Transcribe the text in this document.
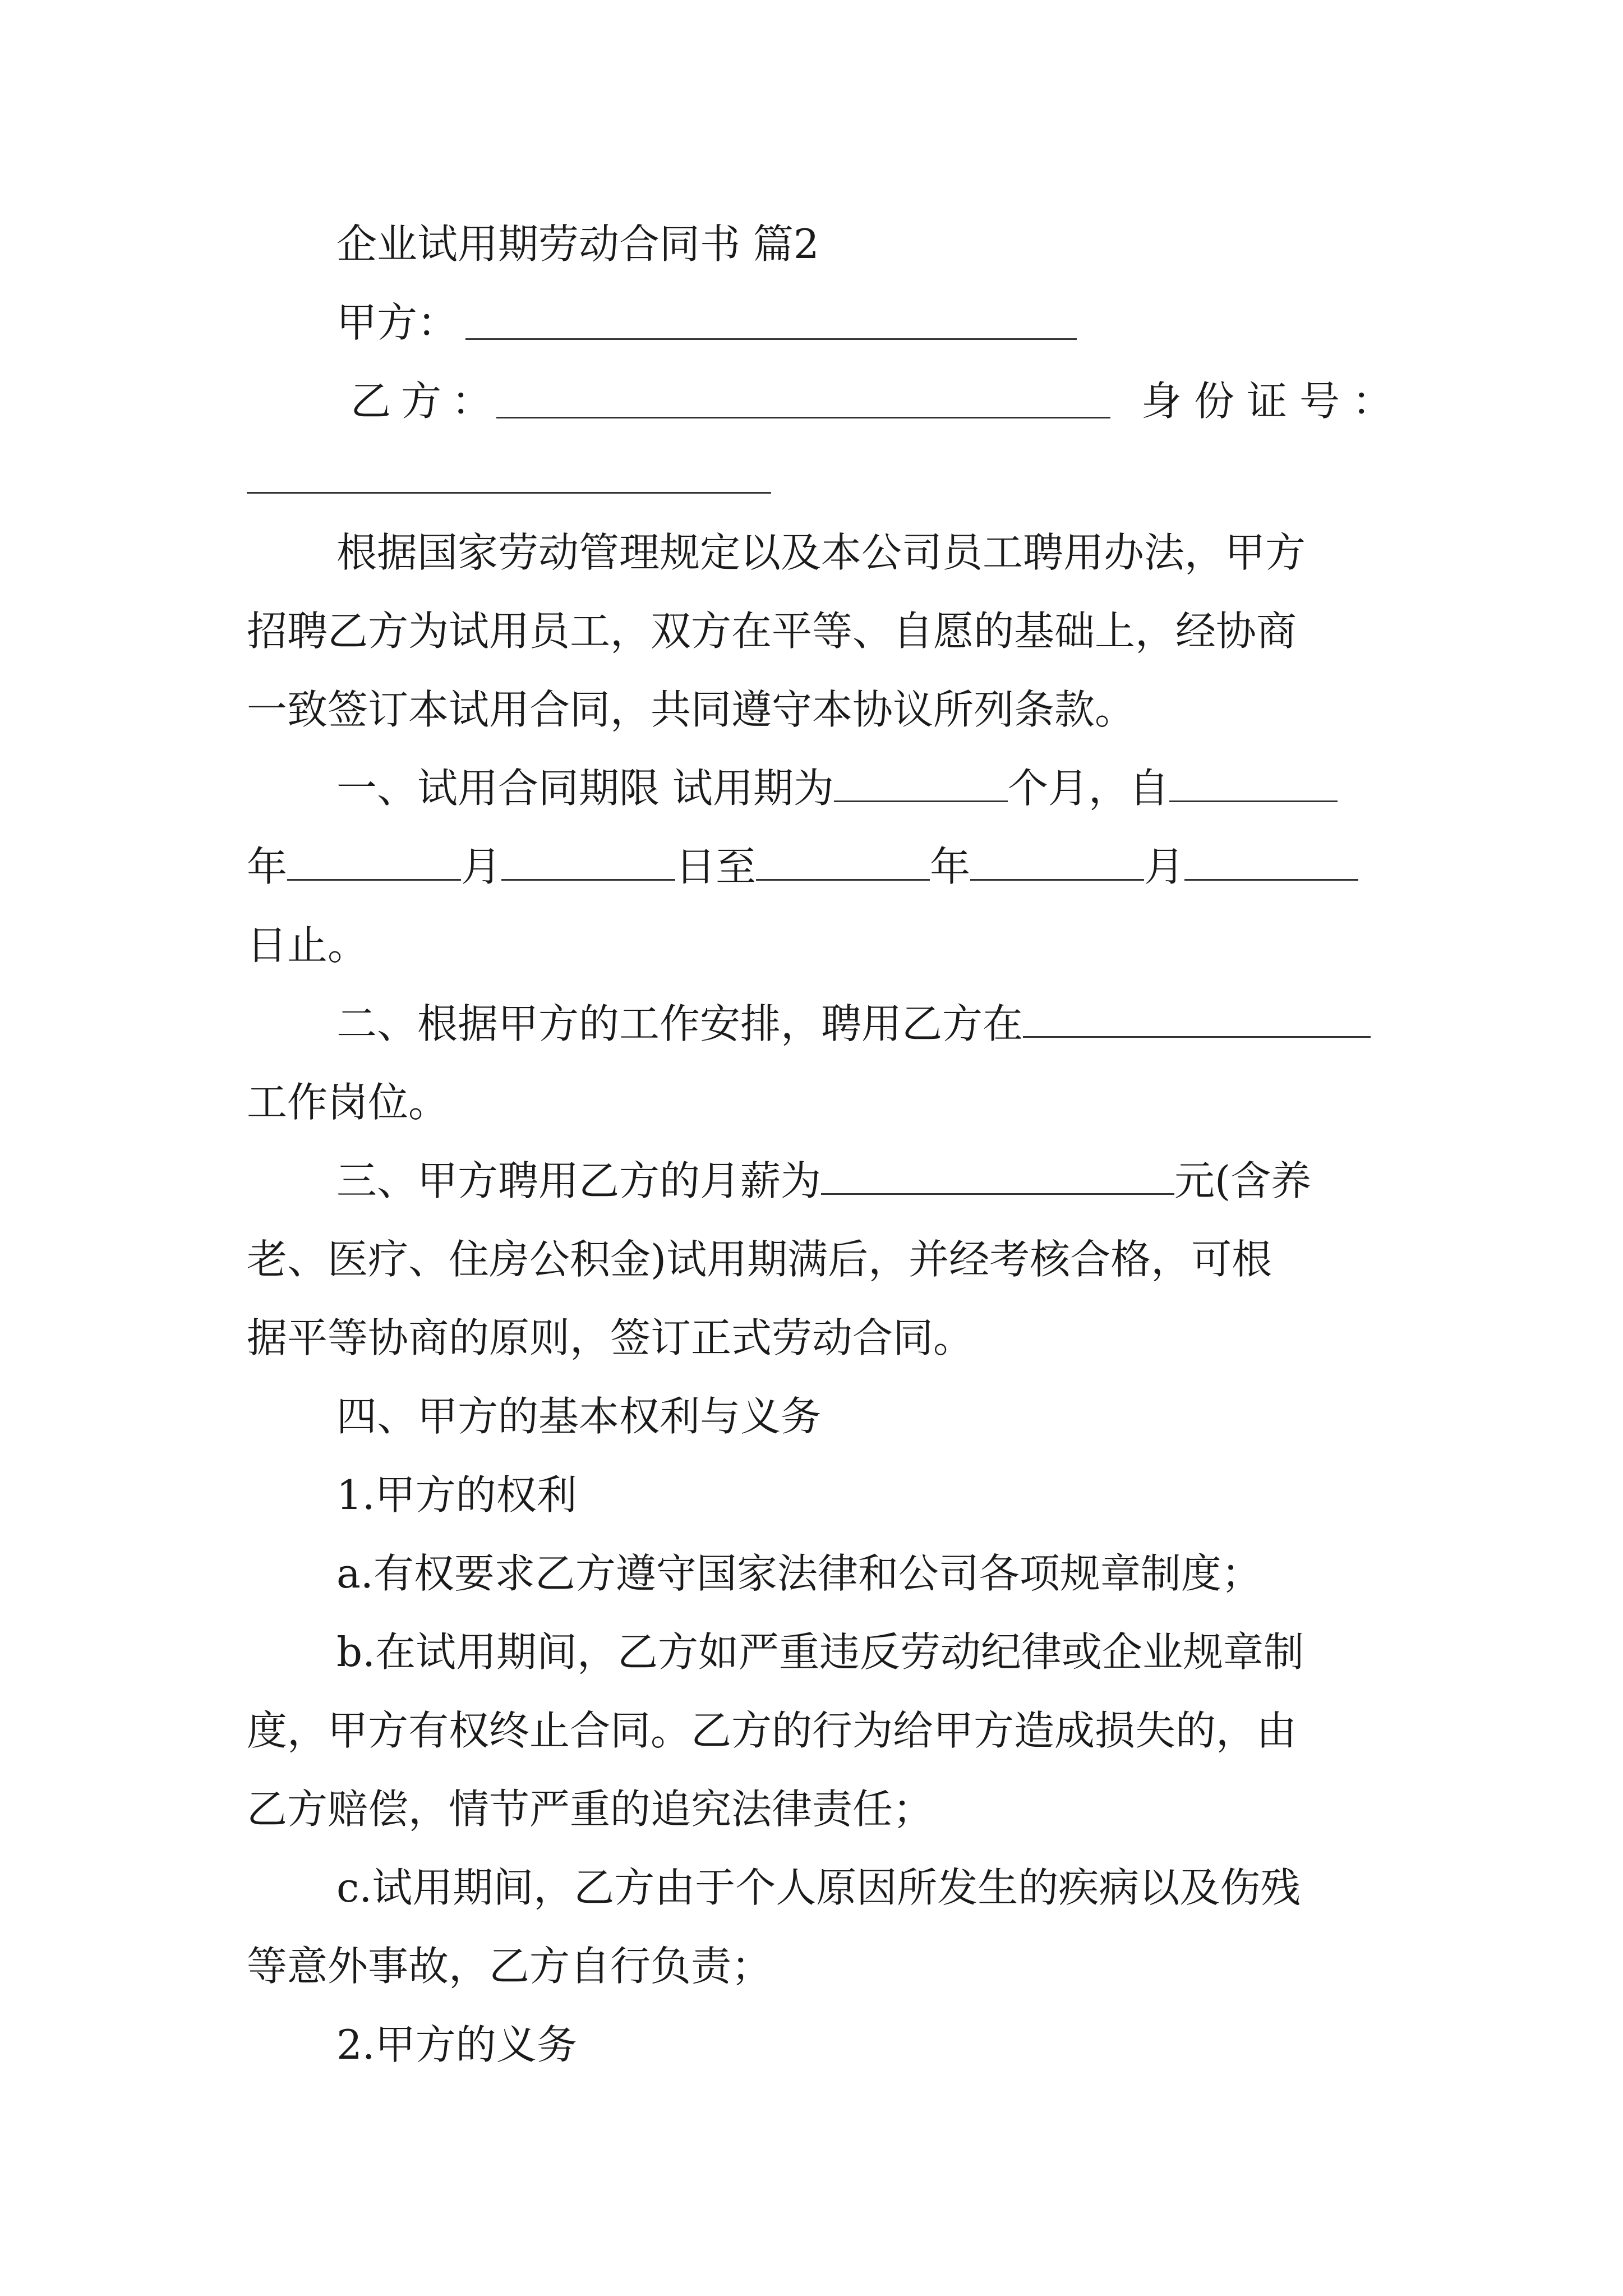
企业试用期劳动合同书 篇2
甲方：
乙方：	身份证号：
根据国家劳动管理规定以及本公司员工聘用办法，甲方
招聘乙方为试用员工，双方在平等、自愿的基础上，经协商
一致签订本试用合同，共同遵守本协议所列条款。
一、试用合同期限 试用期为	个月，自
年	月	日至	年	月
日止。
二、根据甲方的工作安排，聘用乙方在
工作岗位。
三、甲方聘用乙方的月薪为	元(含养
老、医疗、住房公积金)试用期满后，并经考核合格，可根
据平等协商的原则，签订正式劳动合同。
四、甲方的基本权利与义务
1.甲方的权利
a.有权要求乙方遵守国家法律和公司各项规章制度；
b.在试用期间，乙方如严重违反劳动纪律或企业规章制
度，甲方有权终止合同。乙方的行为给甲方造成损失的，由
乙方赔偿，情节严重的追究法律责任；
c.试用期间，乙方由于个人原因所发生的疾病以及伤残
等意外事故，乙方自行负责；
2.甲方的义务
